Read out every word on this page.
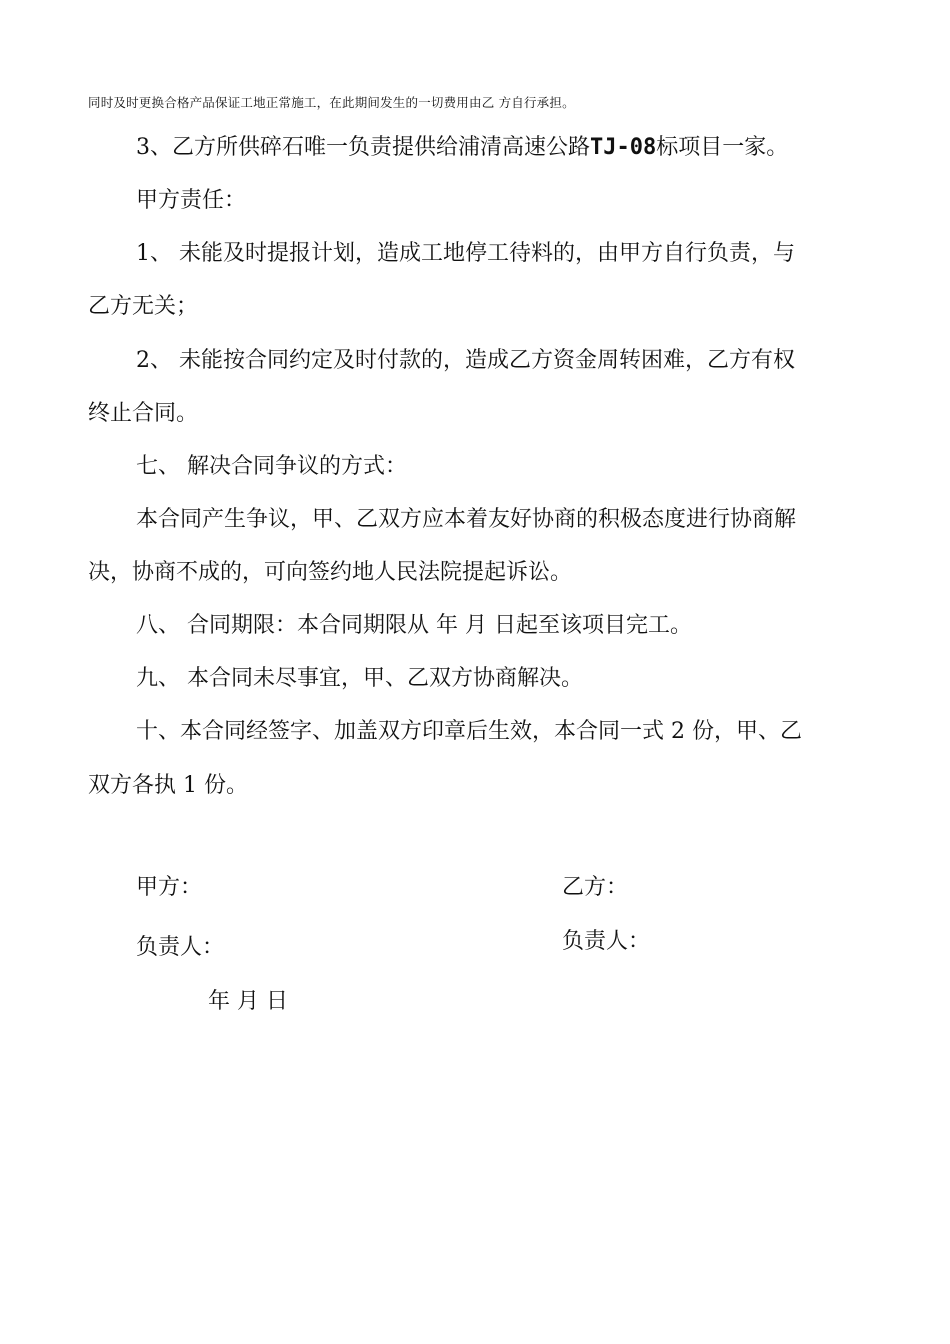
同时及时更换合格产品保证工地正常施工，在此期间发生的一切费用由乙 方自行承担。

3、乙方所供碎石唯一负责提供给浦清高速公路TJ-08标项目一家。

甲方责任：

1、 未能及时提报计划，造成工地停工待料的，由甲方自行负责，与

乙方无关；

2、 未能按合同约定及时付款的，造成乙方资金周转困难，乙方有权

终止合同。

七、 解决合同争议的方式：

本合同产生争议，甲、乙双方应本着友好协商的积极态度进行协商解

决，协商不成的，可向签约地人民法院提起诉讼。

八、 合同期限：本合同期限从 年 月 日起至该项目完工。

九、 本合同未尽事宜，甲、乙双方协商解决。

十、本合同经签字、加盖双方印章后生效，本合同一式 2 份，甲、乙

双方各执 1 份。

甲方：	乙方：

负责人：	负责人：

年 月 日
